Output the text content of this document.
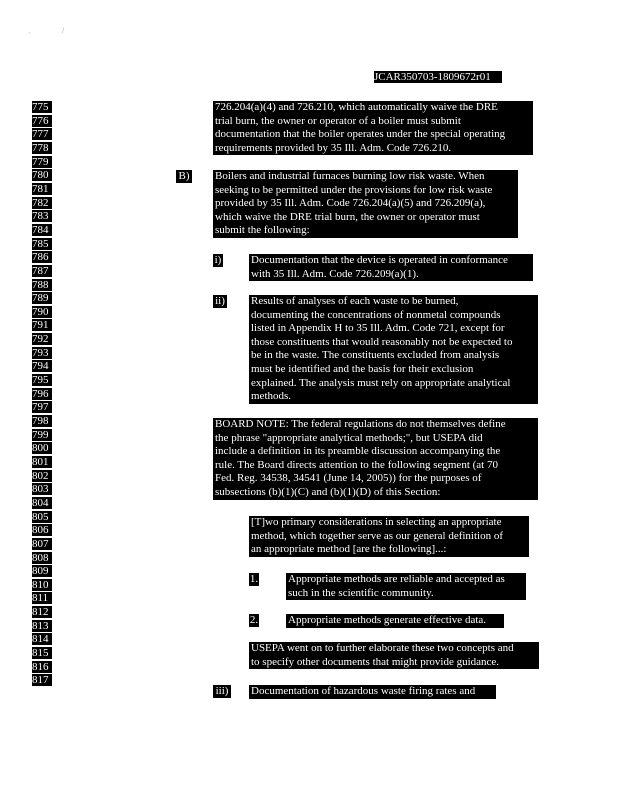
,	/
JCAR350703-1809672r01
775
776
777
778
779
780
781
782
783
784
785
786
787
788
789
790
791
792
793
794
795
796
797
798
799
800
801
802
803
804
805
806
807
808
809
810
811
812
813
814
815
816
817
726.204(a)(4) and 726.210, which automatically waive the DRE
trial burn, the owner or operator of a boiler must submit
documentation that the boiler operates under the special operating
requirements provided by 35 Ill. Adm. Code 726.210.
B) Boilers and industrial furnaces burning low risk waste. When
seeking to be permitted under the provisions for low risk waste
provided by 35 Ill. Adm. Code 726.204(a)(5) and 726.209(a),
which waive the DRE trial burn, the owner or operator must
submit the following:
i)	Documentation that the device is operated in conformance
with 35 Ill. Adm. Code 726.209(a)(1).
ii) Results of analyses of each waste to be burned,
documenting the concentrations of nonmetal compounds
listed in Appendix H to 35 Ill. Adm. Code 721, except for
those constituents that would reasonably not be expected to
be in the waste. The constituents excluded from analysis
must be identified and the basis for their exclusion
explained. The analysis must rely on appropriate analytical
methods.
BOARD NOTE: The federal regulations do not themselves define
the phrase "appropriate analytical methods;", but USEPA did
include a definition in its preamble discussion accompanying the
rule. The Board directs attention to the following segment (at 70
Fed. Reg. 34538, 34541 (June 14, 2005)) for the purposes of
subsections (b)(1)(C) and (b)(1)(D) of this Section:
[T]wo primary considerations in selecting an appropriate
method, which together serve as our general definition of
an appropriate method [are the following]...:
1.	Appropriate methods are reliable and accepted as
such in the scientific community.
2.	Appropriate methods generate effective data.
USEPA went on to further elaborate these two concepts and
to specify other documents that might provide guidance.
iii) Documentation of hazardous waste firing rates and
